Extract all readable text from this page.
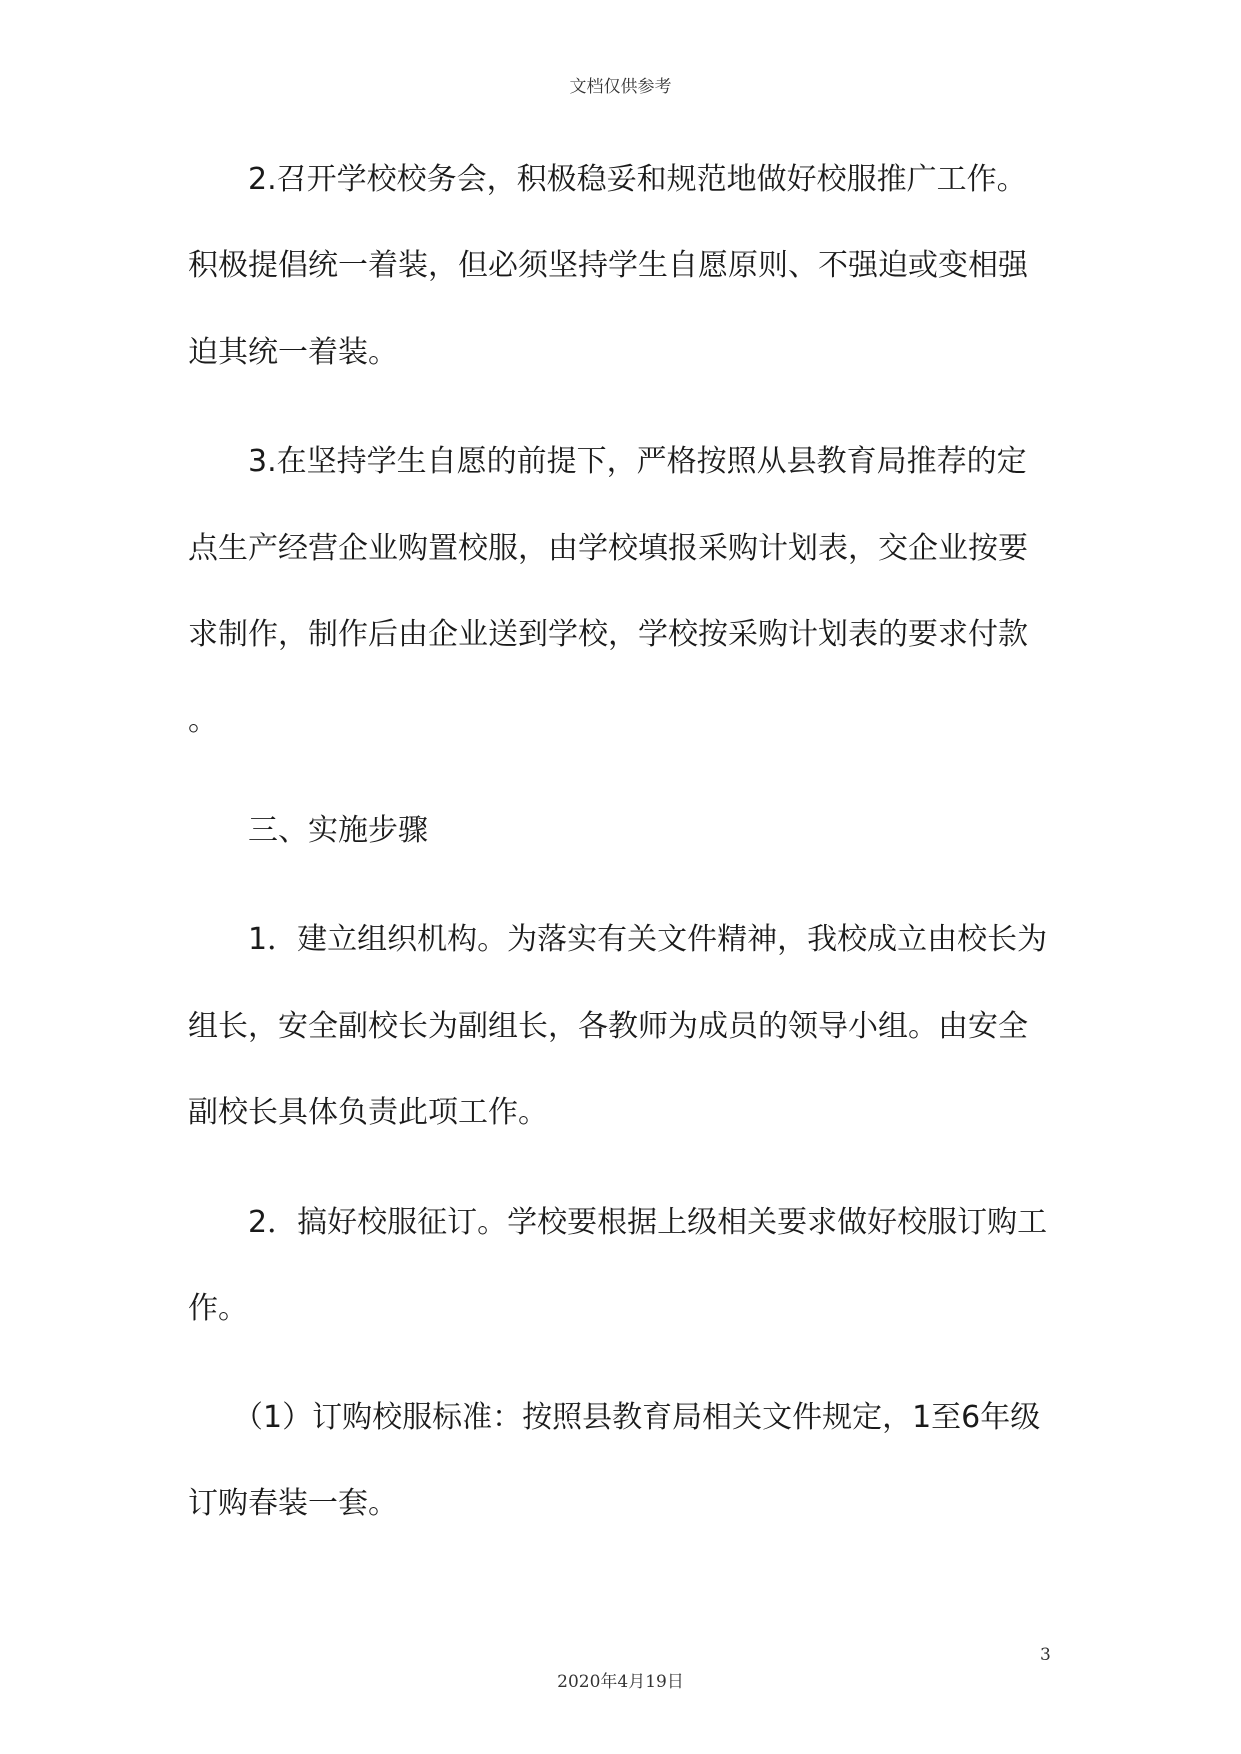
文档仅供参考
　　2.召开学校校务会，积极稳妥和规范地做好校服推广工作。
积极提倡统一着装，但必须坚持学生自愿原则、不强迫或变相强
迫其统一着装。
　　3.在坚持学生自愿的前提下，严格按照从县教育局推荐的定
点生产经营企业购置校服，由学校填报采购计划表，交企业按要
求制作，制作后由企业送到学校，学校按采购计划表的要求付款
。
　　三、实施步骤
　　1．建立组织机构。为落实有关文件精神，我校成立由校长为
组长，安全副校长为副组长，各教师为成员的领导小组。由安全
副校长具体负责此项工作。
　　2．搞好校服征订。学校要根据上级相关要求做好校服订购工
作。
　　（1）订购校服标准：按照县教育局相关文件规定，1至6年级
订购春装一套。
3
2020年4月19日
